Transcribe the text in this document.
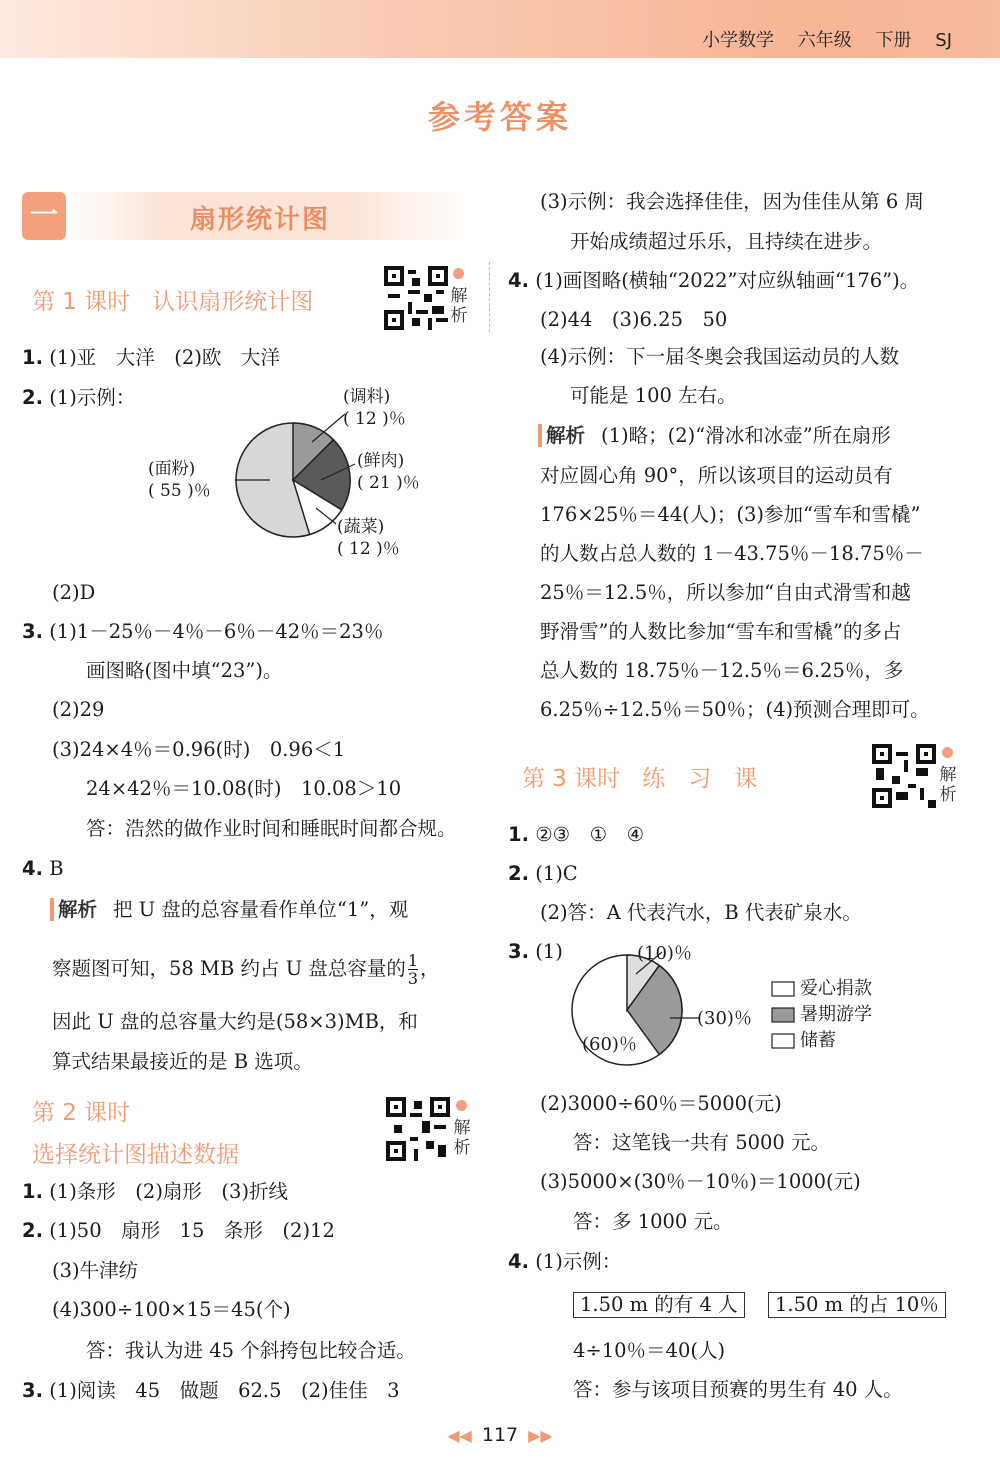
小学数学 六年级 下册 SJ
参考答案
一	扇形统计图
第 1 课时 认识扇形统计图	解析
1. (1)亚　大洋　(2)欧　大洋
2. (1)示例：	(调料)
( 12 )％
(鲜肉)
( 21 )％
(面粉)
( 55 )％
(蔬菜)
( 12 )％
(2)D
3. (1)1－25％－4％－6％－42％＝23％
画图略(图中填“23”)。
(2)29
(3)24×4％＝0.96(时)　0.96＜1
24×42％＝10.08(时)　10.08＞10
答：浩然的做作业时间和睡眠时间都合规。
4. B
解析 把 U 盘的总容量看作单位“1”，观
察题图可知，58 MB 约占 U 盘总容量的 $\frac{1}{3}$ ，
因此 U 盘的总容量大约是(58×3)MB，和
算式结果最接近的是 B 选项。
第 2 课时
选择统计图描述数据
解析
1. (1)条形　(2)扇形　(3)折线
2. (1)50　扇形　15　条形　(2)12
(3)牛津纺
(4)300÷100×15＝45(个)
答：我认为进 45 个斜挎包比较合适。
3. (1)阅读　45　做题　62.5　(2)佳佳　3
(3)示例：我会选择佳佳，因为佳佳从第 6 周
开始成绩超过乐乐，且持续在进步。
4. (1)画图略(横轴“2022”对应纵轴画“176”)。
(2)44　(3)6.25　50
(4)示例：下一届冬奥会我国运动员的人数
可能是 100 左右。
解析 (1)略；(2)“滑冰和冰壶”所在扇形
对应圆心角 90°，所以该项目的运动员有
176×25％＝44(人)；(3)参加“雪车和雪橇”
的人数占总人数的 1－43.75％－18.75％－
25％＝12.5％，所以参加“自由式滑雪和越
野滑雪”的人数比参加“雪车和雪橇”的多占
总人数的 18.75％－12.5％＝6.25％，多
6.25％÷12.5％＝50％；(4)预测合理即可。
第 3 课时 练　习　课	解析
1. ②③　①　④
2. (1)C
(2)答：A 代表汽水，B 代表矿泉水。
3. (1)	(10)％
(30)％
(60)％
爱心捐款
暑期游学
储蓄
(2)3000÷60％＝5000(元)
答：这笔钱一共有 5000 元。
(3)5000×(30％－10％)＝1000(元)
答：多 1000 元。
4. (1)示例：
1.50 m 的有 4 人	1.50 m 的占 10％
4÷10％＝40(人)
答：参与该项目预赛的男生有 40 人。
◀◀ 117 ▶▶
